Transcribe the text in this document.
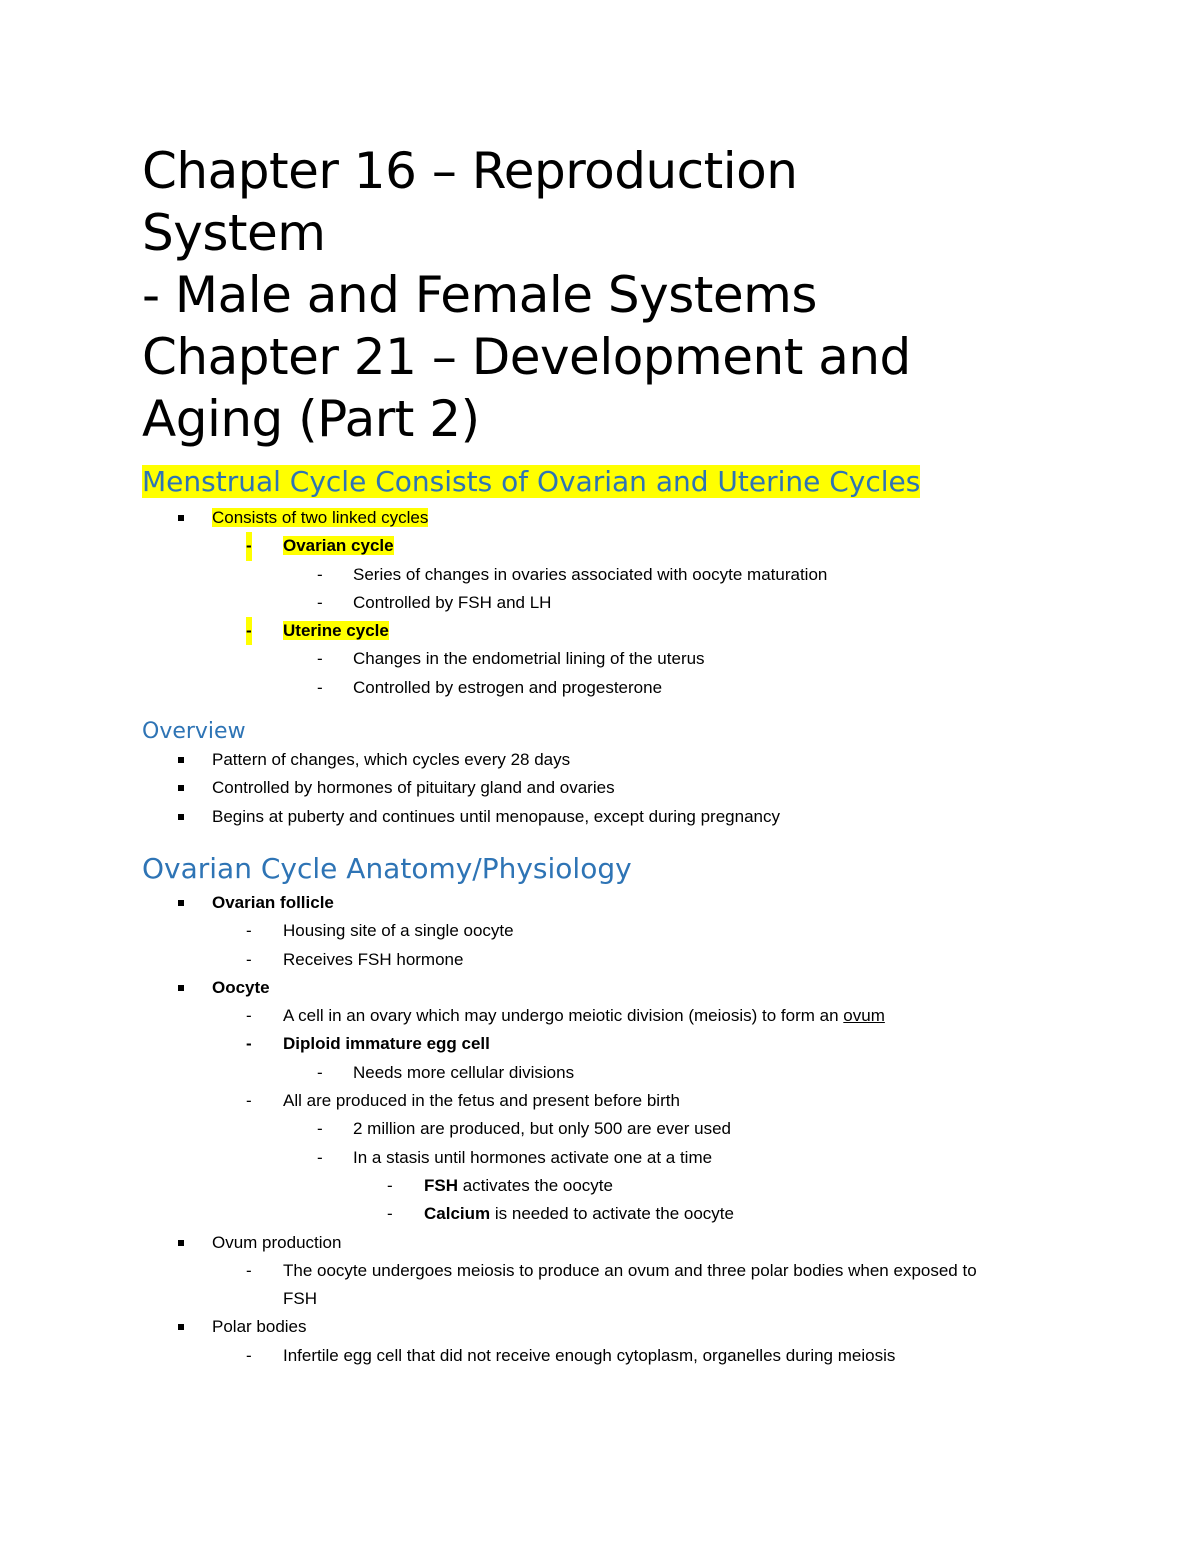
Chapter 16 – Reproduction
System
- Male and Female Systems
Chapter 21 – Development and
Aging (Part 2)
Menstrual Cycle Consists of Ovarian and Uterine Cycles
Consists of two linked cycles
- Ovarian cycle
- Series of changes in ovaries associated with oocyte maturation
- Controlled by FSH and LH
- Uterine cycle
- Changes in the endometrial lining of the uterus
- Controlled by estrogen and progesterone
Overview
Pattern of changes, which cycles every 28 days
Controlled by hormones of pituitary gland and ovaries
Begins at puberty and continues until menopause, except during pregnancy
Ovarian Cycle Anatomy/Physiology
Ovarian follicle
- Housing site of a single oocyte
- Receives FSH hormone
Oocyte
- A cell in an ovary which may undergo meiotic division (meiosis) to form an ovum
- Diploid immature egg cell
- Needs more cellular divisions
- All are produced in the fetus and present before birth
- 2 million are produced, but only 500 are ever used
- In a stasis until hormones activate one at a time
- FSH activates the oocyte
- Calcium is needed to activate the oocyte
Ovum production
- The oocyte undergoes meiosis to produce an ovum and three polar bodies when exposed to FSH
Polar bodies
- Infertile egg cell that did not receive enough cytoplasm, organelles during meiosis
